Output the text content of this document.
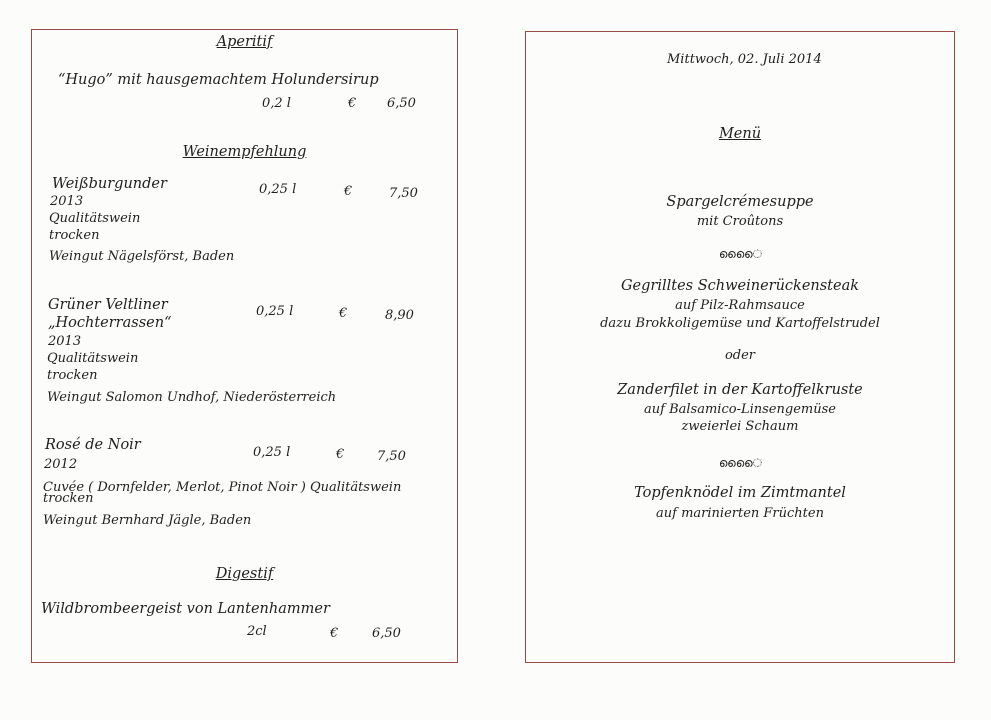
Aperitif
“Hugo” mit hausgemachtem Holundersirup
0,2 l	€ 6,50
Weinempfehlung
Weißburgunder	0,25 l	€	7,50
2013
Qualitätswein
trocken
Weingut Nägelsförst, Baden
Grüner Veltliner
„Hochterrassen“
0,25 l	€	8,90
2013
Qualitätswein
trocken
Weingut Salomon Undhof, Niederösterreich
Rosé de Noir	0,25 l	€	7,50
2012
Cuvée ( Dornfelder, Merlot, Pinot Noir ) Qualitätswein
trocken
Weingut Bernhard Jägle, Baden
Digestif
Wildbrombeergeist von Lantenhammer
2cl	€	6,50
Mittwoch, 02. Juli 2014
Menü
Spargelcrémesuppe
mit Croûtons
ൈൈ
Gegrilltes Schweinerückensteak
auf Pilz-Rahmsauce
dazu Brokkoligemüse und Kartoffelstrudel
oder
Zanderfilet in der Kartoffelkruste
auf Balsamico-Linsengemüse
zweierlei Schaum
ൈൈ
Topfenknödel im Zimtmantel
auf marinierten Früchten
